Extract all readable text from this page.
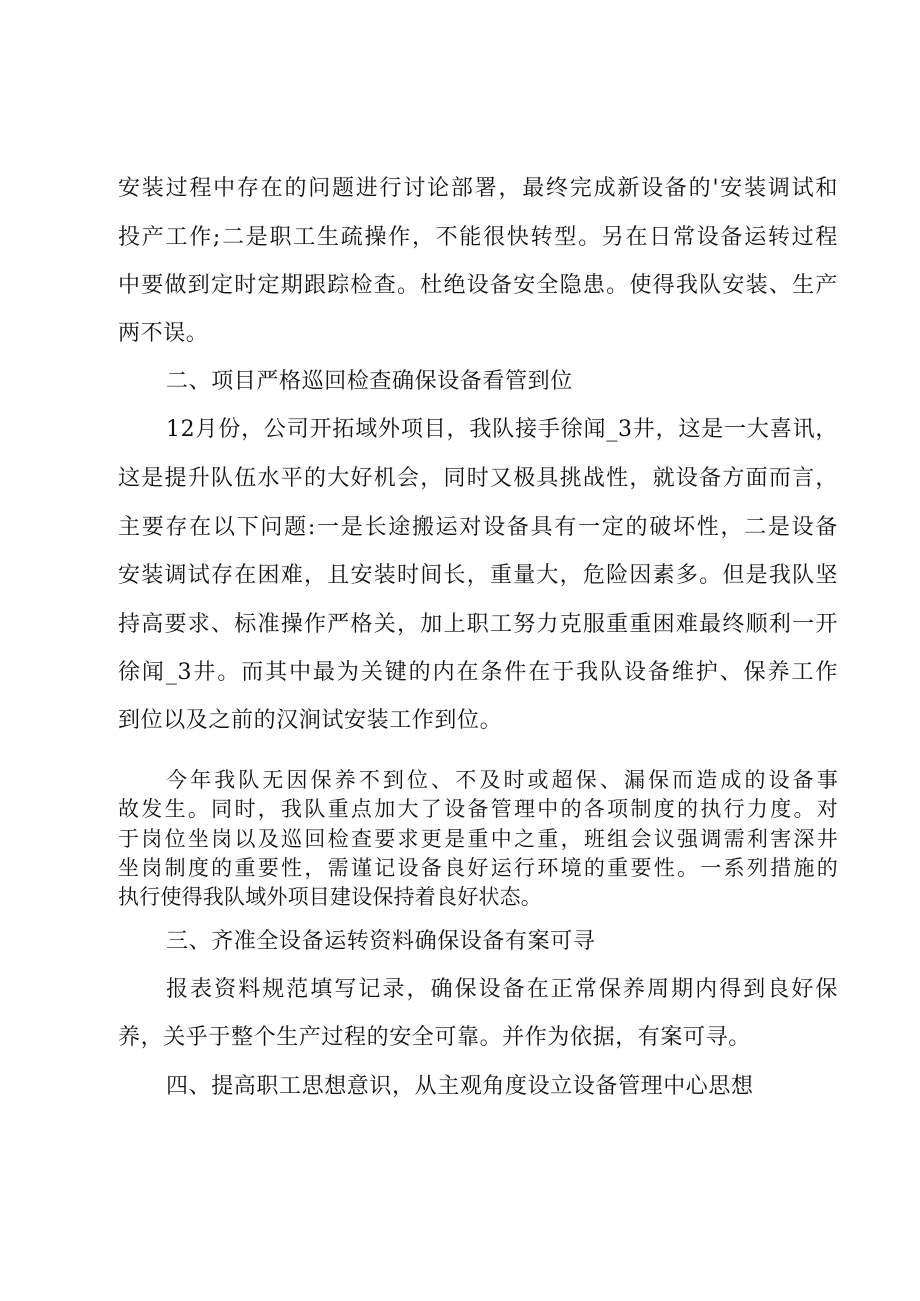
安装过程中存在的问题进行讨论部署，最终完成新设备的'安装调试和

投产工作;二是职工生疏操作，不能很快转型。另在日常设备运转过程

中要做到定时定期跟踪检查。杜绝设备安全隐患。使得我队安装、生产

两不误。

二、项目严格巡回检查确保设备看管到位

12月份，公司开拓域外项目，我队接手徐闻_3井，这是一大喜讯，

这是提升队伍水平的大好机会，同时又极具挑战性，就设备方面而言，

主要存在以下问题:一是长途搬运对设备具有一定的破坏性，二是设备

安装调试存在困难，且安装时间长，重量大，危险因素多。但是我队坚

持高要求、标准操作严格关，加上职工努力克服重重困难最终顺利一开

徐闻_3井。而其中最为关键的内在条件在于我队设备维护、保养工作

到位以及之前的汉涧试安装工作到位。

今年我队无因保养不到位、不及时或超保、漏保而造成的设备事

故发生。同时，我队重点加大了设备管理中的各项制度的执行力度。对

于岗位坐岗以及巡回检查要求更是重中之重，班组会议强调需利害深井

坐岗制度的重要性，需谨记设备良好运行环境的重要性。一系列措施的

执行使得我队域外项目建设保持着良好状态。

三、齐准全设备运转资料确保设备有案可寻

报表资料规范填写记录，确保设备在正常保养周期内得到良好保

养，关乎于整个生产过程的安全可靠。并作为依据，有案可寻。

四、提高职工思想意识，从主观角度设立设备管理中心思想
